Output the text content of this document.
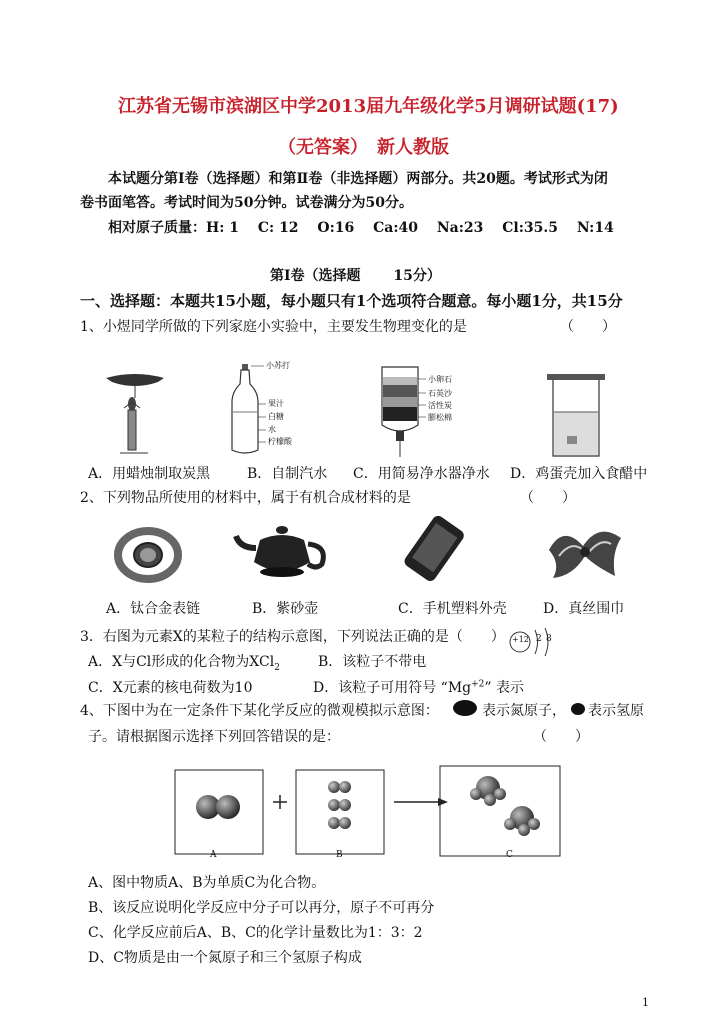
江苏省无锡市滨湖区中学2013届九年级化学5月调研试题(17)
（无答案）　新人教版
本试题分第Ⅰ卷（选择题）和第Ⅱ卷（非选择题）两部分。共20题。考试形式为闭
卷书面笔答。考试时间为50分钟。试卷满分为50分。
相对原子质量：H: 1　 C: 12　 O:16　 Ca:40　 Na:23　 Cl:35.5　 N:14
第Ⅰ卷（选择题　　 15分）
一、选择题：本题共15小题，每小题只有1个选项符合题意。每小题1分，共15分
1、小煜同学所做的下列家庭小实验中，主要发生物理变化的是	（　　）
小苏打
果汁
白糖
水
柠檬酸
小卵石
石英沙
活性炭
膨松棉
A．用蜡烛制取炭黑	B．自制汽水 C．用简易净水器净水 D．鸡蛋壳加入食醋中
2、下列物品所使用的材料中，属于有机合成材料的是	（　　）
A．钛合金表链	B．紫砂壶	C．手机塑料外壳	D．真丝围巾
3．右图为元素X的某粒子的结构示意图，下列说法正确的是（　　） +12 2 8
A．X与Cl形成的化合物为XCl$_2$	B．该粒子不带电
C．X元素的核电荷数为10	D．该粒子可用符号 “$Mg^{+2}$” 表示
4、下图中为在一定条件下某化学反应的微观模拟示意图：	表示氮原子， 表示氢原
子。请根据图示选择下列回答错误的是：	（　　）
A	B	C
A、图中物质A、B为单质C为化合物。
B、该反应说明化学反应中分子可以再分，原子不可再分
C、化学反应前后A、B、C的化学计量数比为1：3：2
D、C物质是由一个氮原子和三个氢原子构成
1
